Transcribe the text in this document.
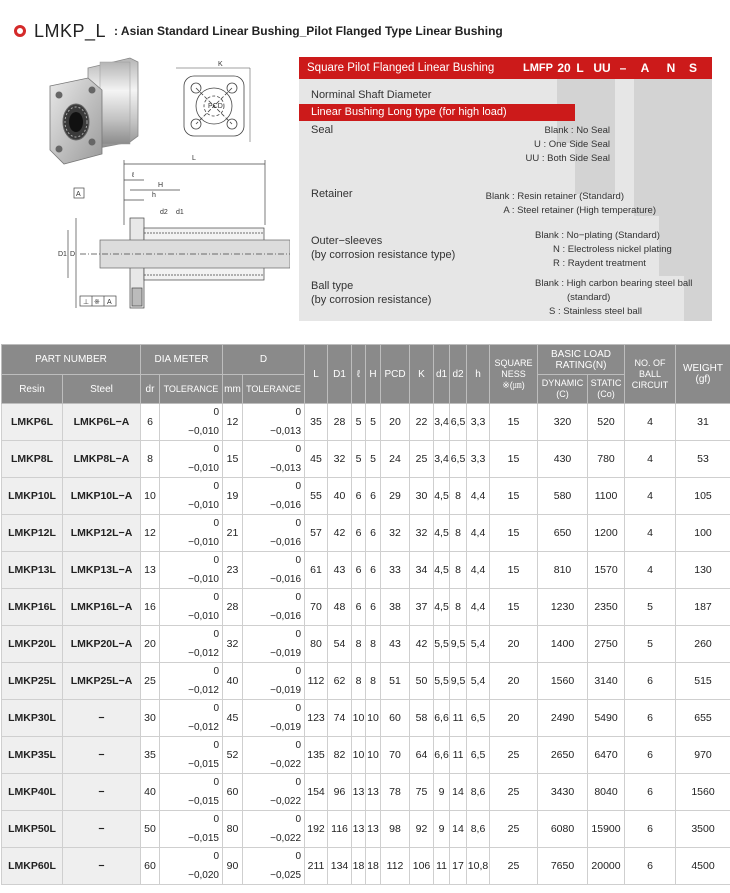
LMKP_L : Asian Standard Linear Bushing_Pilot Flanged Type Linear Bushing
K
PCD
L
ℓ
H
h
d2 d1
D1 D
A
⊥ ※ A
Square Pilot Flanged Linear Bushing	LMFP 20 L UU –	A	N	S
Norminal Shaft Diameter
Linear Bushing Long type (for high load)
Seal	Blank : No Seal
U : One Side Seal
UU : Both Side Seal
Retainer	Blank : Resin retainer (Standard)
A : Steel retainer (High temperature)
Outer−sleeves
(by corrosion resistance type)
Blank : No−plating (Standard)
N : Electroless nickel plating
R : Raydent treatment
Ball type
(by corrosion resistance)
Blank : High carbon bearing steel ball
(standard)
S : Stainless steel ball
PART NUMBER		DIA METER		D		L	D1	ℓ	H	PCD	K	d1	d2	h	SQUARE
NESS
※(㎛)	BASIC LOAD
RATING(N)		NO. OF
BALL
CIRCUIT	WEIGHT
(gf)
Resin	Steel	dr	TOLERANCE	mm	TOLERANCE											DYNAMIC
(C)	STATIC
(Co)		
LMKP6L	LMKP6L−A	6	0
−0,010	12	0
−0,013	35	28	5	5	20	22	3,4	6,5	3,3	15	320	520	4	31
LMKP8L	LMKP8L−A	8	0
−0,010	15	0
−0,013	45	32	5	5	24	25	3,4	6,5	3,3	15	430	780	4	53
LMKP10L	LMKP10L−A	10	0
−0,010	19	0
−0,016	55	40	6	6	29	30	4,5	8	4,4	15	580	1100	4	105
LMKP12L	LMKP12L−A	12	0
−0,010	21	0
−0,016	57	42	6	6	32	32	4,5	8	4,4	15	650	1200	4	100
LMKP13L	LMKP13L−A	13	0
−0,010	23	0
−0,016	61	43	6	6	33	34	4,5	8	4,4	15	810	1570	4	130
LMKP16L	LMKP16L−A	16	0
−0,010	28	0
−0,016	70	48	6	6	38	37	4,5	8	4,4	15	1230	2350	5	187
LMKP20L	LMKP20L−A	20	0
−0,012	32	0
−0,019	80	54	8	8	43	42	5,5	9,5	5,4	20	1400	2750	5	260
LMKP25L	LMKP25L−A	25	0
−0,012	40	0
−0,019	112	62	8	8	51	50	5,5	9,5	5,4	20	1560	3140	6	515
LMKP30L	−	30	0
−0,012	45	0
−0,019	123	74	10	10	60	58	6,6	11	6,5	20	2490	5490	6	655
LMKP35L	−	35	0
−0,015	52	0
−0,022	135	82	10	10	70	64	6,6	11	6,5	25	2650	6470	6	970
LMKP40L	−	40	0
−0,015	60	0
−0,022	154	96	13	13	78	75	9	14	8,6	25	3430	8040	6	1560
LMKP50L	−	50	0
−0,015	80	0
−0,022	192	116	13	13	98	92	9	14	8,6	25	6080	15900	6	3500
LMKP60L	−	60	0
−0,020	90	0
−0,025	211	134	18	18	112	106	11	17	10,8	25	7650	20000	6	4500
